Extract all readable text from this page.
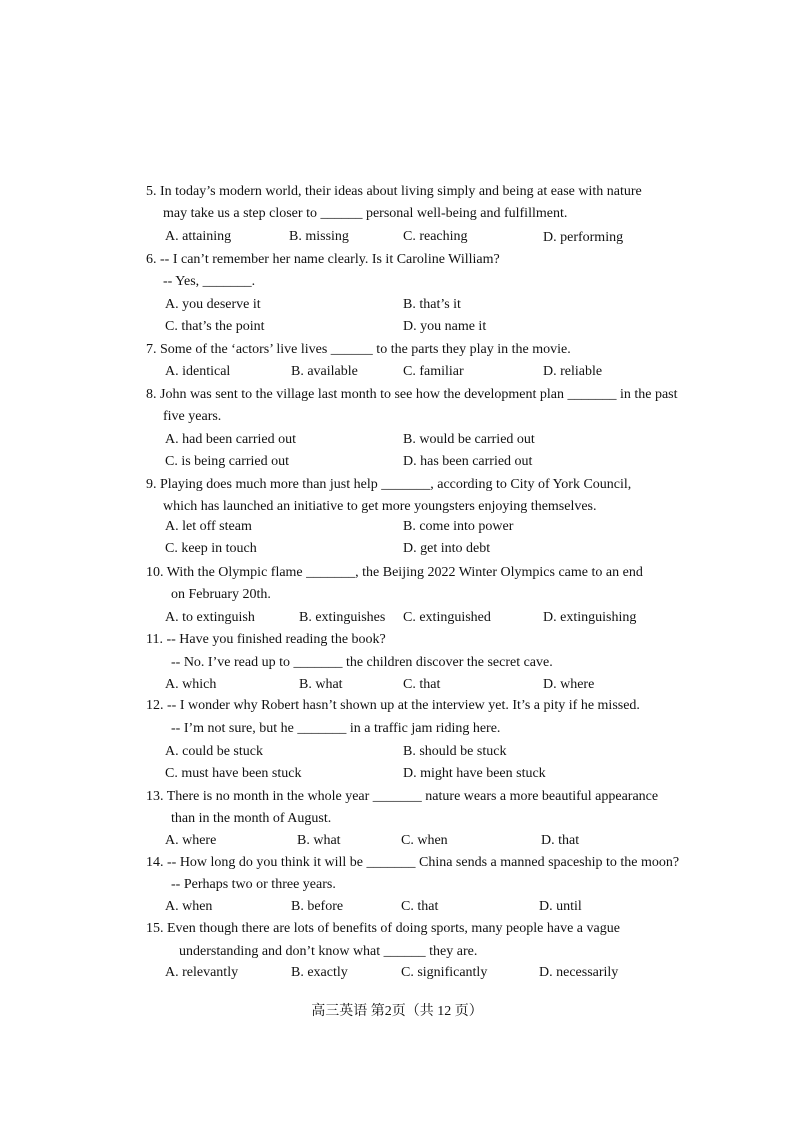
5. In today’s modern world, their ideas about living simply and being at ease with nature
may take us a step closer to ______ personal well-being and fulfillment.
A. attaining	B. missing	C. reaching	D. performing
6. -- I can’t remember her name clearly. Is it Caroline William?
-- Yes, _______.
A. you deserve it	B. that’s it
C. that’s the point	D. you name it
7. Some of the ‘actors’ live lives ______ to the parts they play in the movie.
A. identical	B. available	C. familiar	D. reliable
8. John was sent to the village last month to see how the development plan _______ in the past
five years.
A. had been carried out	B. would be carried out
C. is being carried out	D. has been carried out
9. Playing does much more than just help _______, according to City of York Council,
which has launched an initiative to get more youngsters enjoying themselves.
A. let off steam	B. come into power
C. keep in touch	D. get into debt
10. With the Olympic flame _______, the Beijing 2022 Winter Olympics came to an end
on February 20th.
A. to extinguish	B. extinguishes C. extinguished	D. extinguishing
11. -- Have you finished reading the book?
-- No. I’ve read up to _______ the children discover the secret cave.
A. which	B. what	C. that	D. where
12. -- I wonder why Robert hasn’t shown up at the interview yet. It’s a pity if he missed.
-- I’m not sure, but he _______ in a traffic jam riding here.
A. could be stuck	B. should be stuck
C. must have been stuck	D. might have been stuck
13. There is no month in the whole year _______ nature wears a more beautiful appearance
than in the month of August.
A. where	B. what	C. when	D. that
14. -- How long do you think it will be _______ China sends a manned spaceship to the moon?
-- Perhaps two or three years.
A. when	B. before	C. that	D. until
15. Even though there are lots of benefits of doing sports, many people have a vague
understanding and don’t know what ______ they are.
A. relevantly	B. exactly	C. significantly	D. necessarily
高三英语 第2页（共 12 页）
